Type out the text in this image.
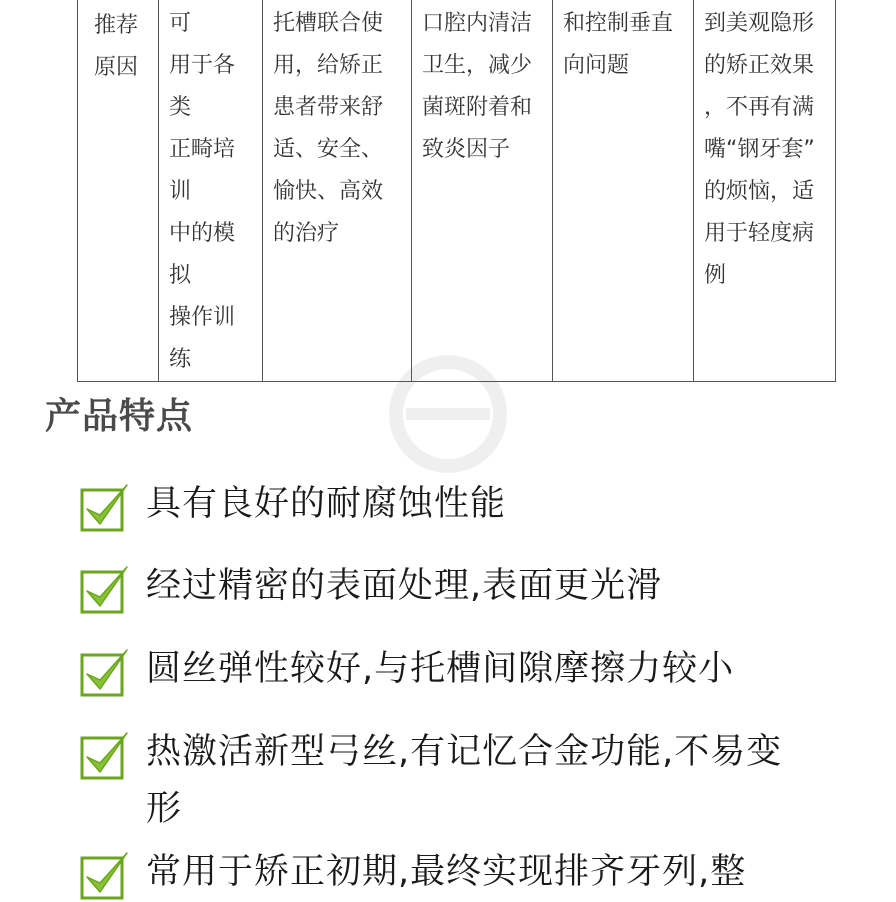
推荐
原因

可
用于各类
正畸培训
中的模拟
操作训练

托槽联合使
用，给矫正
患者带来舒
适、安全、
愉快、高效
的治疗

口腔内清洁
卫生，减少
菌斑附着和
致炎因子

和控制垂直
向问题

到美观隐形
的矫正效果
，不再有满
嘴“钢牙套”
的烦恼，适
用于轻度病
例
产品特点
具有良好的耐腐蚀性能
经过精密的表面处理,表面更光滑
圆丝弹性较好,与托槽间隙摩擦力较小
热激活新型弓丝,有记忆合金功能,不易变形
常用于矫正初期,最终实现排齐牙列,整
